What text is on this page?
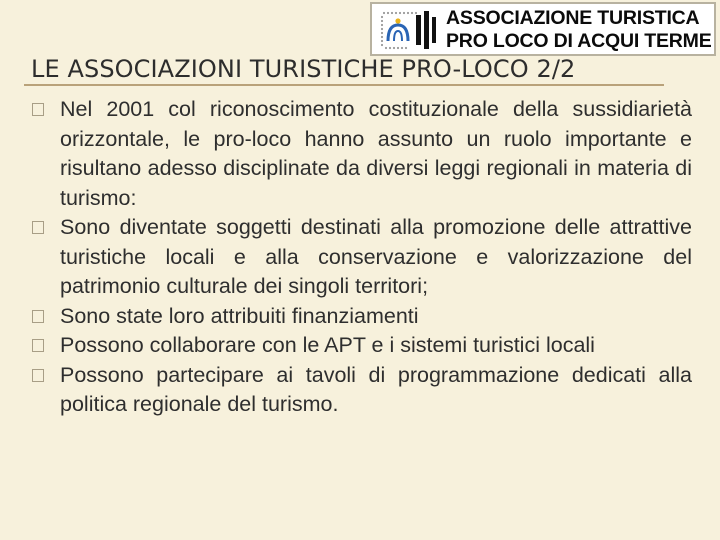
ASSOCIAZIONE TURISTICA
PRO LOCO DI ACQUI TERME
LE ASSOCIAZIONI TURISTICHE PRO-LOCO 2/2
Nel 2001 col riconoscimento costituzionale della sussidiarietà orizzontale, le pro-loco hanno assunto un ruolo importante e risultano adesso disciplinate da diversi leggi regionali in materia di turismo:
Sono diventate soggetti destinati alla promozione delle attrattive turistiche locali e alla conservazione e valorizzazione del patrimonio culturale dei singoli territori;
Sono state loro attribuiti finanziamenti
Possono collaborare con le APT e i sistemi turistici locali
Possono partecipare ai tavoli di programmazione dedicati alla politica regionale del turismo.
